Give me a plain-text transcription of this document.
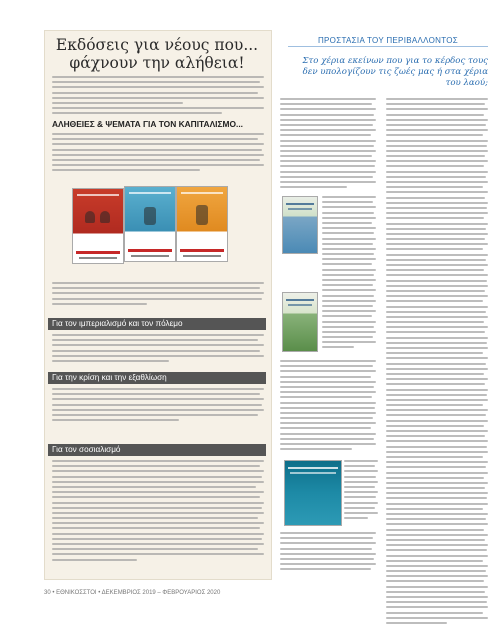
Εκδόσεις για νέους που... φάχνουν την αλήθεια!
ΑΛΗΘΕΙΕΣ & ΨΕΜΑΤΑ ΓΙΑ ΤΟΝ ΚΑΠΙΤΑΛΙΣΜΟ...
Για τον ιμπεριαλισμό και τον πόλεμο
Για την κρίση και την εξαθλίωση
Για τον σοσιαλισμό
ΠΡΟΣΤΑΣΙΑ ΤΟΥ ΠΕΡΙΒΑΛΛΟΝΤΟΣ
Στο χέρια εκείνων που για το κέρδος τους δεν υπολογίζουν τις ζωές μας ή στα χέρια του λαού;
30 • ΕΘΝΙΚΟΣΣΤΟΙ • ΔΕΚΕΜΒΡΙΟΣ 2019 – ΦΕΒΡΟΥΑΡΙΟΣ 2020
